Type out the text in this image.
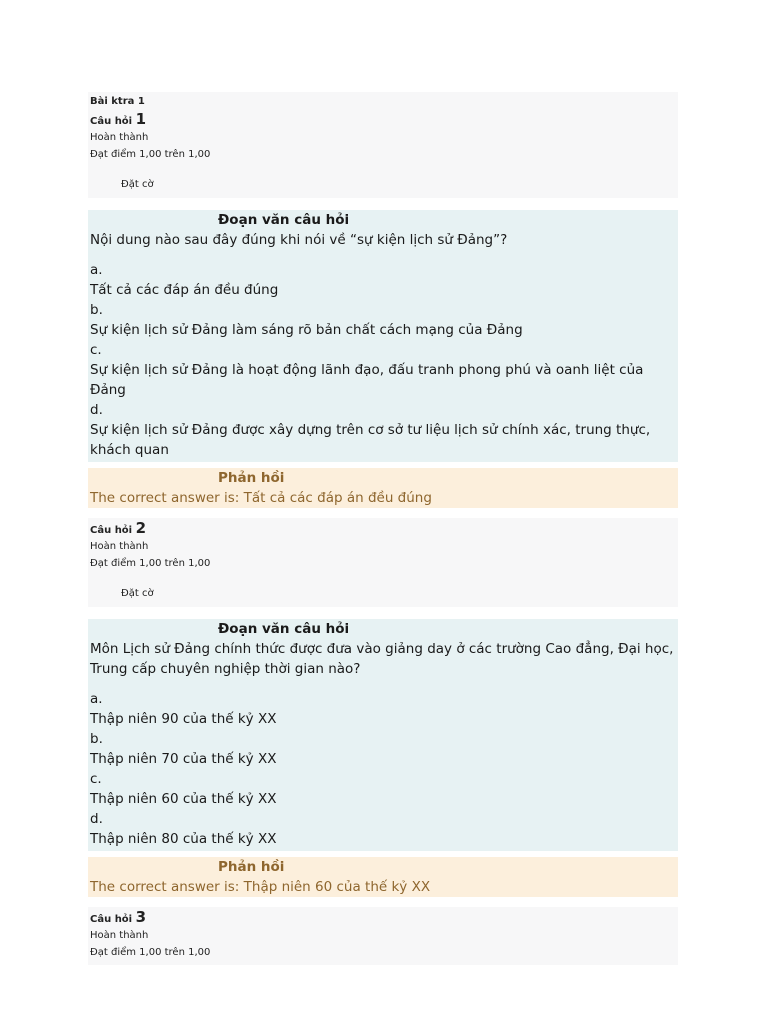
Bài ktra 1
Câu hỏi 1
Hoàn thành
Đạt điểm 1,00 trên 1,00
Đặt cờ
Đoạn văn câu hỏi
Nội dung nào sau đây đúng khi nói về “sự kiện lịch sử Đảng”?
a.
Tất cả các đáp án đều đúng
b.
Sự kiện lịch sử Đảng làm sáng rõ bản chất cách mạng của Đảng
c.
Sự kiện lịch sử Đảng là hoạt động lãnh đạo, đấu tranh phong phú và oanh liệt của Đảng
d.
Sự kiện lịch sử Đảng được xây dựng trên cơ sở tư liệu lịch sử chính xác, trung thực, khách quan
Phản hồi
The correct answer is: Tất cả các đáp án đều đúng
Câu hỏi 2
Hoàn thành
Đạt điểm 1,00 trên 1,00
Đặt cờ
Đoạn văn câu hỏi
Môn Lịch sử Đảng chính thức được đưa vào giảng day ở các trường Cao đẳng, Đại học, Trung cấp chuyên nghiệp thời gian nào?
a.
Thập niên 90 của thế kỷ XX
b.
Thập niên 70 của thế kỷ XX
c.
Thập niên 60 của thế kỷ XX
d.
Thập niên 80 của thế kỷ XX
Phản hồi
The correct answer is: Thập niên 60 của thế kỷ XX
Câu hỏi 3
Hoàn thành
Đạt điểm 1,00 trên 1,00
